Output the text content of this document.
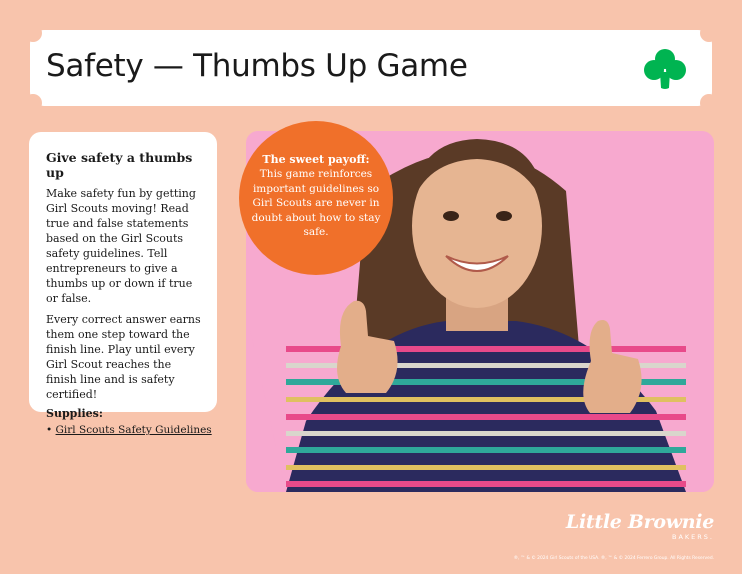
Safety — Thumbs Up Game
Give safety a thumbs up

Make safety fun by getting Girl Scouts moving! Read true and false statements based on the Girl Scouts safety guidelines. Tell entrepreneurs to give a thumbs up or down if true or false.

Every correct answer earns them one step toward the finish line. Play until every Girl Scout reaches the finish line and is safety certified!

Supplies:

• Girl Scouts Safety Guidelines

The sweet payoff:
This game reinforces important guidelines so Girl Scouts are never in doubt about how to stay safe.
Little Brownie
BAKERS.
®, ™ & © 2024 Girl Scouts of the USA. ®, ™ & © 2024 Ferrero Group. All Rights Reserved.
